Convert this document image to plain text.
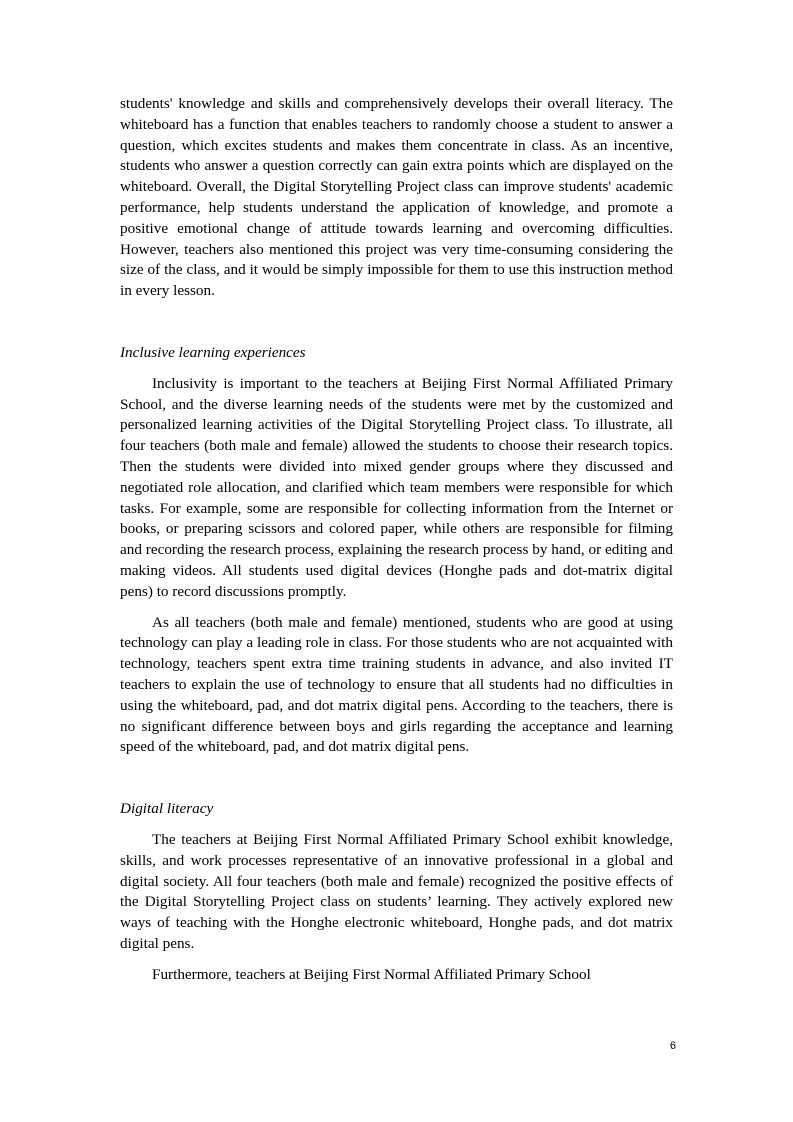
students' knowledge and skills and comprehensively develops their overall literacy. The whiteboard has a function that enables teachers to randomly choose a student to answer a question, which excites students and makes them concentrate in class. As an incentive, students who answer a question correctly can gain extra points which are displayed on the whiteboard. Overall, the Digital Storytelling Project class can improve students' academic performance, help students understand the application of knowledge, and promote a positive emotional change of attitude towards learning and overcoming difficulties. However, teachers also mentioned this project was very time-consuming considering the size of the class, and it would be simply impossible for them to use this instruction method in every lesson.

Inclusive learning experiences

Inclusivity is important to the teachers at Beijing First Normal Affiliated Primary School, and the diverse learning needs of the students were met by the customized and personalized learning activities of the Digital Storytelling Project class. To illustrate, all four teachers (both male and female) allowed the students to choose their research topics. Then the students were divided into mixed gender groups where they discussed and negotiated role allocation, and clarified which team members were responsible for which tasks. For example, some are responsible for collecting information from the Internet or books, or preparing scissors and colored paper, while others are responsible for filming and recording the research process, explaining the research process by hand, or editing and making videos. All students used digital devices (Honghe pads and dot-matrix digital pens) to record discussions promptly.

As all teachers (both male and female) mentioned, students who are good at using technology can play a leading role in class. For those students who are not acquainted with technology, teachers spent extra time training students in advance, and also invited IT teachers to explain the use of technology to ensure that all students had no difficulties in using the whiteboard, pad, and dot matrix digital pens. According to the teachers, there is no significant difference between boys and girls regarding the acceptance and learning speed of the whiteboard, pad, and dot matrix digital pens.

Digital literacy

The teachers at Beijing First Normal Affiliated Primary School exhibit knowledge, skills, and work processes representative of an innovative professional in a global and digital society. All four teachers (both male and female) recognized the positive effects of the Digital Storytelling Project class on students’ learning. They actively explored new ways of teaching with the Honghe electronic whiteboard, Honghe pads, and dot matrix digital pens.

Furthermore, teachers at Beijing First Normal Affiliated Primary School

6
